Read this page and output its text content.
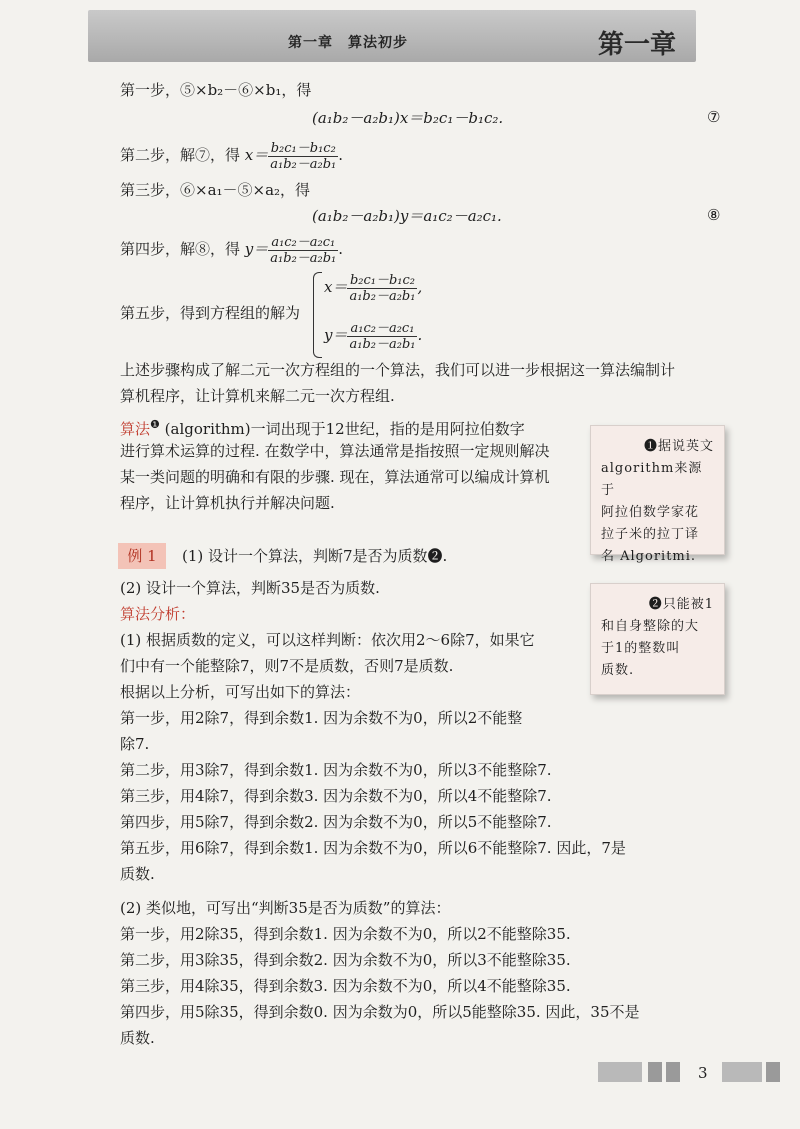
第一章　算法初步	第一章
第一步，⑤×b₂－⑥×b₁，得
(a₁b₂－a₂b₁)x＝b₂c₁－b₁c₂.	⑦
第二步，解⑦，得 $x= \frac{\text{b₂c₁－b₁c₂}}{\text{a₁b₂－a₂b₁}}$ .
第三步，⑥×a₁－⑤×a₂，得
(a₁b₂－a₂b₁)y＝a₁c₂－a₂c₁.	⑧
第四步，解⑧，得 $y= \frac{\text{a₁c₂－a₂c₁}}{\text{a₁b₂－a₂b₁}}$ .
第五步，得到方程组的解为
$x= \frac{\text{b₂c₁－b₁c₂}}{\text{a₁b₂－a₂b₁}}$ ,
$y= \frac{\text{a₁c₂－a₂c₁}}{\text{a₁b₂－a₂b₁}}$ .
上述步骤构成了解二元一次方程组的一个算法，我们可以进一步根据这一算法编制计
算机程序，让计算机来解二元一次方程组.
算法$^❶$ (algorithm)一词出现于12世纪，指的是用阿拉伯数字
进行算术运算的过程. 在数学中，算法通常是指按照一定规则解决
某一类问题的明确和有限的步骤. 现在，算法通常可以编成计算机
程序，让计算机执行并解决问题.
❶据说英文
algorithm来源于
阿拉伯数学家花
拉子米的拉丁译
名 Algoritmi.
❷只能被1
和自身整除的大
于1的整数叫
质数.
例 1	(1) 设计一个算法，判断7是否为质数❷.
(2) 设计一个算法，判断35是否为质数.
算法分析：
(1) 根据质数的定义，可以这样判断：依次用2～6除7，如果它
们中有一个能整除7，则7不是质数，否则7是质数.
根据以上分析，可写出如下的算法：
第一步，用2除7，得到余数1. 因为余数不为0，所以2不能整
除7.
第二步，用3除7，得到余数1. 因为余数不为0，所以3不能整除7.
第三步，用4除7，得到余数3. 因为余数不为0，所以4不能整除7.
第四步，用5除7，得到余数2. 因为余数不为0，所以5不能整除7.
第五步，用6除7，得到余数1. 因为余数不为0，所以6不能整除7. 因此，7是
质数.
(2) 类似地，可写出“判断35是否为质数”的算法：
第一步，用2除35，得到余数1. 因为余数不为0，所以2不能整除35.
第二步，用3除35，得到余数2. 因为余数不为0，所以3不能整除35.
第三步，用4除35，得到余数3. 因为余数不为0，所以4不能整除35.
第四步，用5除35，得到余数0. 因为余数为0，所以5能整除35. 因此，35不是
质数.
3
